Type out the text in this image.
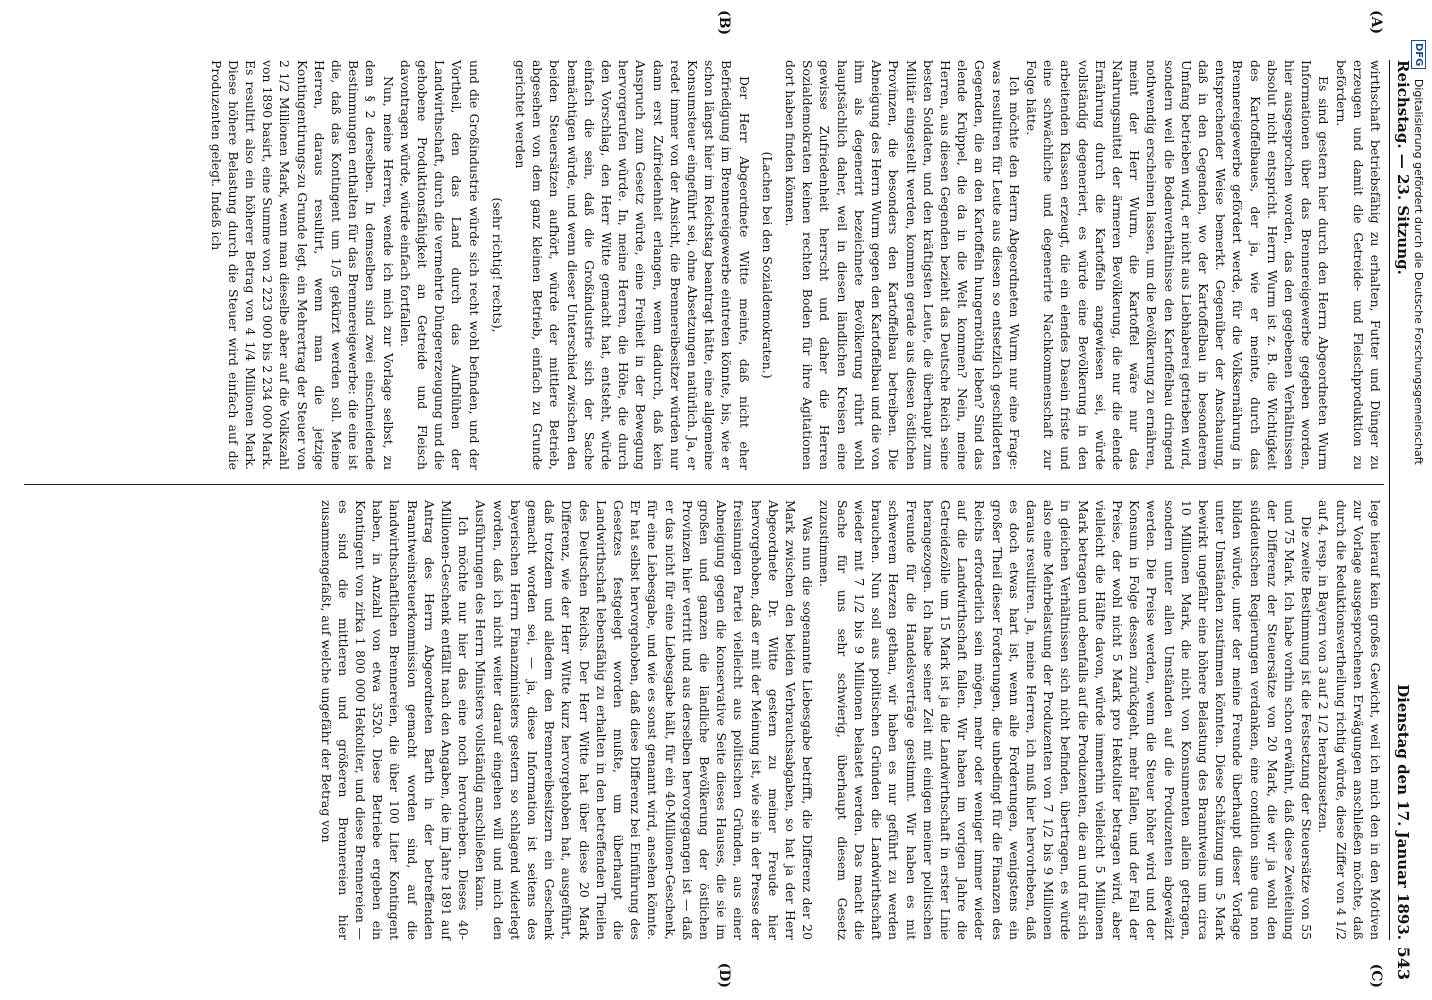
Reichstag. — 23. Sitzung.
Dienstag den 17. Januar 1893.
543
(A)
(B)
(C)
(D)

wirthschaft betriebsfähig zu erhalten, Futter und Dünger zu erzeugen und damit die Getreide- und Fleischproduktion zu befördern.

Es sind gestern hier durch den Herrn Abgeordneten Wurm Informationen über das Brennereigewerbe gegeben worden, hier ausgesprochen worden, das den gegebenen Verhältnissen absolut nicht entspricht. Herrn Wurm ist z. B. die Wichtigkeit des Kartoffelbaues, der ja, wie er meinte, durch das Brennereigewerbe gefördert werde, für die Volksernährung in entsprechender Weise bemerkt. Gegenüber der Anschauung, daß in den Gegenden, wo der Kartoffelbau in besonderem Umfang betrieben wird, er nicht aus Liebhaberei getrieben wird, sondern weil die Bodenverhältnisse den Kartoffelbau dringend nothwendig erscheinen lassen, um die Bevölkerung zu ernähren, meint der Herr Wurm, die Kartoffel wäre nur das Nahrungsmittel der ärmeren Bevölkerung, die nur die elende Ernährung durch die Kartoffeln angewiesen sei, würde vollständig degeneriert, es würde eine Bevölkerung in den arbeitenden Klassen erzeugt, die ein elendes Dasein friste und eine schwächliche und degenerirte Nachkommenschaft zur Folge hätte.

Ich möchte den Herrn Abgeordneten Wurm nur eine Frage: was resultiren für Leute aus diesen so entsetzlich geschilderten Gegenden, die an den Kartoffeln hungernöthig leben? Sind das elende Krüppel, die da in die Welt kommen? Nein, meine Herren, aus diesen Gegenden bezieht das Deutsche Reich seine besten Soldaten, und den kräftigsten Leute, die überhaupt zum Militär eingestellt werden, kommen gerade aus diesen östlichen Provinzen, die besonders den Kartoffelbau betreiben. Die Abneigung des Herrn Wurm gegen den Kartoffelbau und die von ihm als degenerirt bezeichnete Bevölkerung rührt wohl hauptsächlich daher, weil in diesen ländlichen Kreisen eine gewisse Zufriedenheit herrscht und daher die Herren Sozialdemokraten keinen rechten Boden für ihre Agitationen dort haben finden können.

(Lachen bei den Sozialdemokraten.)

Der Herr Abgeordnete Witte meinte, daß nicht eher Befriedigung im Brennereigewerbe eintreten könnte, bis, wie er schon längst hier im Reichstag beantragt hätte, eine allgemeine Konsumsteuer eingeführt sei, ohne Absetzungen natürlich. Ja, er redet immer von der Ansicht, die Brennereibesitzer würden nur dann erst Zufriedenheit erlangen, wenn dadurch, daß kein Anspruch zum Gesetz würde, eine Freiheit in der Bewegung hervorgerufen würde. In, meine Herren, die Höhe, die durch den Vorschlag, den Herr Witte gemacht hat, entsteht, würde einfach die sein, daß die Großindustrie sich der Sache bemächtigen würde, und wenn dieser Unterschied zwischen den beiden Steuersätzen aufhört, würde der mittlere Betrieb, abgesehen von dem ganz kleinen Betrieb, einfach zu Grunde gerichtet werden

(sehr richtig! rechts),

und die Großindustrie würde sich recht wohl befinden, und der Vortheil, den das Land durch das Aufblühen der Landwirthschaft, durch die vermehrte Düngererzeugung und die gehobene Produktionsfähigkeit an Getreide und Fleisch davontragen würde, würde einfach fortfallen.

Nun, meine Herren, wende ich mich zur Vorlage selbst, zu dem § 2 derselben. In demselben sind zwei einschneidende Bestimmungen enthalten für das Brennereigewerbe: die eine ist die, daß das Kontingent um 1/5 gekürzt werden soll. Meine Herren, daraus resultirt, wenn man die jetzige Kontingentirungs-zu Grunde legt, ein Mehrertrag der Steuer von 2 1/2 Millionen Mark, wenn man dieselbe aber auf die Volkszahl von 1890 basirt, eine Summe von 2 223 000 bis 2 234 000 Mark. Es resultirt also ein höherer Betrag von 4 1/4 Millionen Mark. Diese höhere Belastung durch die Steuer wird einfach auf die Produzenten gelegt. Indeß ich

lege hierauf kein großes Gewicht, weil ich mich den in den Motiven zur Vorlage ausgesprochenen Erwägungen anschließen möchte, daß durch die Reduktionsvertheilung richtig würde, diese Ziffer von 4 1/2 auf 4, resp. in Bayern von 3 auf 2 1/2 herabzusetzen.

Die zweite Bestimmung ist die Festsetzung der Steuersätze von 55 und 75 Mark. Ich habe vorhin schon erwähnt, daß diese Zweiteilung der Differenz der Steuersätze von 20 Mark, die wir ja wohl den süddeutschen Regierungen verdanken, eine condition sine qua non bilden würde, unter der meine Freunde überhaupt dieser Vorlage unter Umständen zustimmen könnten. Diese Schätzung um 5 Mark bewirkt ungefähr eine höhere Belastung des Branntweins um circa 10 Millionen Mark, die nicht von Konsumenten allein getragen, sondern unter allen Umständen auf die Produzenten abgewälzt werden. Die Preise werden, wenn die Steuer höher wird und der Konsum in Folge dessen zurückgeht, mehr fallen, und der Fall der Preise, der wohl nicht 5 Mark pro Hektoliter betragen wird, aber vielleicht die Hälfte davon, würde immerhin vielleicht 5 Millionen Mark betragen und ebenfalls auf die Produzenten, die an und für sich in gleichen Verhältnissen sich nicht befinden, übertragen, es würde also eine Mehrbelastung der Produzenten von 7 1/2 bis 9 Millionen daraus resultiren. Ja, meine Herren, ich muß hier hervorheben, daß es doch etwas hart ist, wenn alle Forderungen, wenigstens ein großer Theil dieser Forderungen, die unbedingt für die Finanzen des Reichs erforderlich sein mögen, mehr oder weniger immer wieder auf die Landwirthschaft fallen. Wir haben im vorigen Jahre die Getreidezölle um 15 Mark ist ja die Landwirthschaft in erster Linie herangezogen. Ich habe seiner Zeit mit einigen meiner politischen Freunde für die Handelsverträge gestimmt. Wir haben es mit schwerem Herzen gethan, wir haben es nur geführt zu werden brauchen. Nun soll aus politischen Gründen die Landwirthschaft wieder mit 7 1/2 bis 9 Millionen belastet werden. Das macht die Sache für uns sehr schwierig, überhaupt diesem Gesetz zuzustimmen.

Was nun die sogenannte Liebesgabe betrifft, die Differenz der 20 Mark zwischen den beiden Verbrauchsabgaben, so hat ja der Herr Abgeordnete Dr. Witte gestern zu meiner Freude hier hervorgehoben, daß er mit der Meinung ist, wie sie in der Presse der freisinnigen Partei vielleicht aus politischen Gründen, aus einer Abneigung gegen die konservative Seite dieses Hauses, die sie im großen und ganzen die ländliche Bevölkerung der östlichen Provinzen hier vertritt und aus derselben hervorgegangen ist — daß er das nicht für eine Liebesgabe hält, für ein 40-Millionen-Geschenk, für eine Liebesgabe, und wie es sonst genannt wird, ansehen könnte. Er hat selbst hervorgehoben, daß diese Differenz bei Einführung des Gesetzes festgelegt worden mußte, um überhaupt die Landwirthschaft lebensfähig zu erhalten in den betreffenden Theilen des Deutschen Reichs. Der Herr Witte hat über diese 20 Mark Differenz, wie der Herr Witte kurz hervorgehoben hat, ausgeführt, daß trotzdem und alledem den Brennereibesitzern ein Geschenk gemacht worden sei, — ja, diese Information ist seitens des bayerischen Herrn Finanzministers gestern so schlagend widerlegt worden, daß ich nicht weiter darauf eingehen will und mich den Ausführungen des Herrn Ministers vollständig anschließen kann.

Ich möchte nur hier das eine noch hervorheben. Dieses 40-Millionen-Geschenk entfällt nach den Angaben, die im Jahre 1891 auf Antrag des Herrn Abgeordneten Barth in der betreffenden Branntweinsteuerkommission gemacht worden sind, auf die landwirthschaftlichen Brennereien, die über 100 Liter Kontingent haben, in Anzahl von etwa 3520. Diese Betriebe ergeben ein Kontingent von zirka 1 800 000 Hektoliter, und diese Brennereien — es sind die mittleren und größeren Brennereien hier zusammengefaßt, auf welche ungefähr der Betrag von

DFG Digitalisierung gefördert durch die Deutsche Forschungsgemeinschaft
